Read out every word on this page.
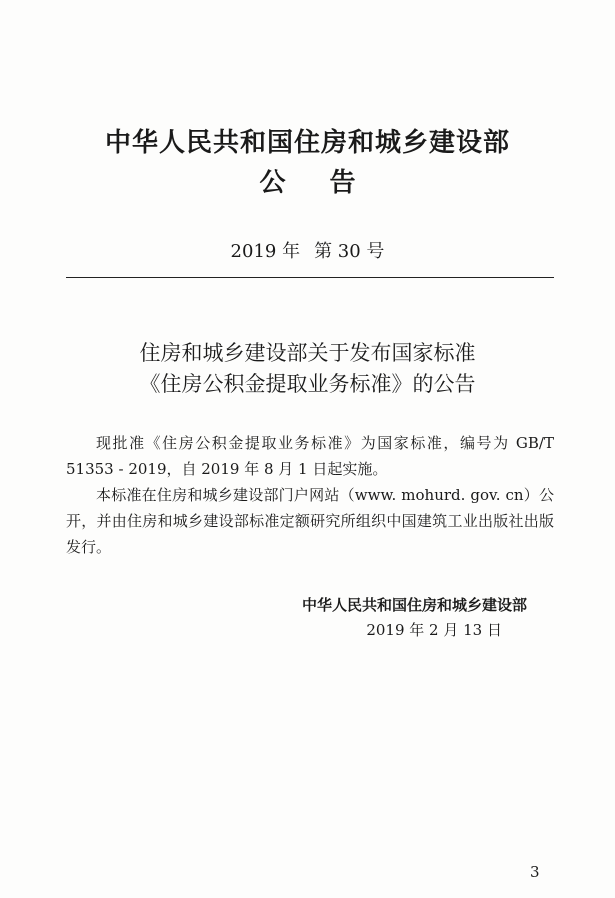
中华人民共和国住房和城乡建设部
公 告
2019 年 第 30 号
住房和城乡建设部关于发布国家标准
《住房公积金提取业务标准》的公告

现批准《住房公积金提取业务标准》为国家标准，编号为 GB/T 51353 - 2019，自 2019 年 8 月 1 日起实施。

本标准在住房和城乡建设部门户网站（www. mohurd. gov. cn）公开，并由住房和城乡建设部标准定额研究所组织中国建筑工业出版社出版发行。

中华人民共和国住房和城乡建设部
2019 年 2 月 13 日
3
